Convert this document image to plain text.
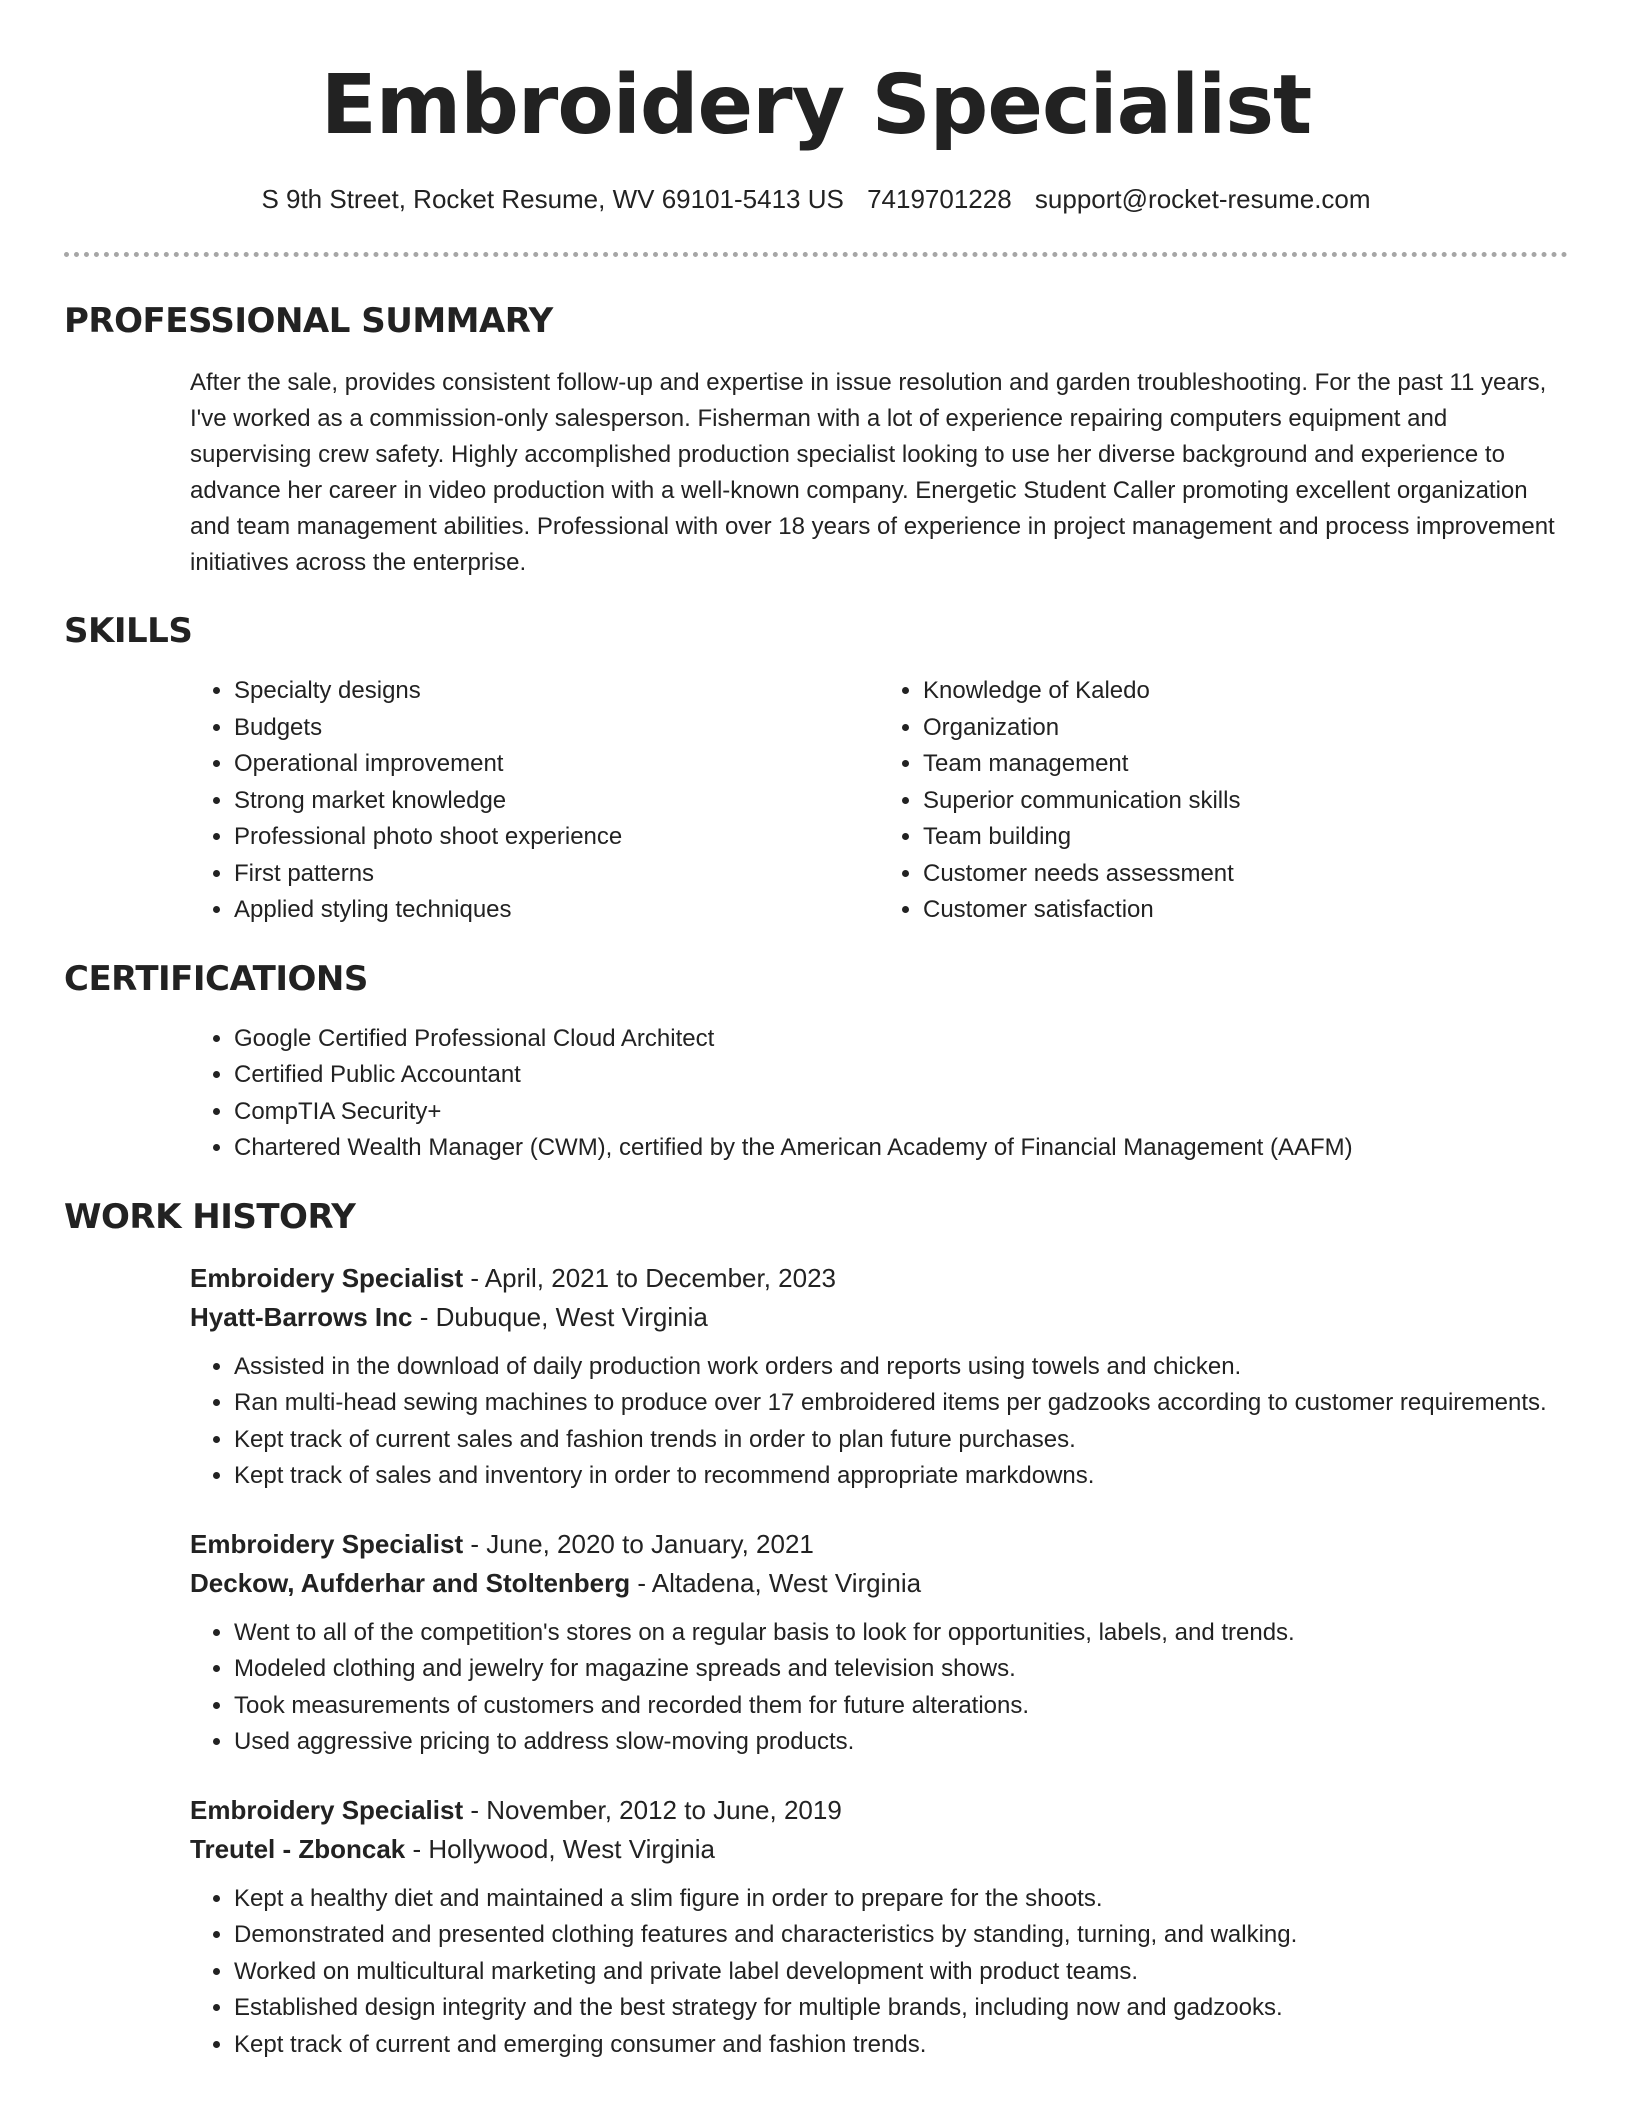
Embroidery Specialist
S 9th Street, Rocket Resume, WV 69101-5413 US 7419701228 support@rocket-resume.com
PROFESSIONAL SUMMARY
After the sale, provides consistent follow-up and expertise in issue resolution and garden troubleshooting. For the past 11 years, I've worked as a commission-only salesperson. Fisherman with a lot of experience repairing computers equipment and supervising crew safety. Highly accomplished production specialist looking to use her diverse background and experience to advance her career in video production with a well-known company. Energetic Student Caller promoting excellent organization and team management abilities. Professional with over 18 years of experience in project management and process improvement initiatives across the enterprise.
SKILLS
• Specialty designs
• Budgets
• Operational improvement
• Strong market knowledge
• Professional photo shoot experience
• First patterns
• Applied styling techniques
• Knowledge of Kaledo
• Organization
• Team management
• Superior communication skills
• Team building
• Customer needs assessment
• Customer satisfaction
CERTIFICATIONS
• Google Certified Professional Cloud Architect
• Certified Public Accountant
• CompTIA Security+
• Chartered Wealth Manager (CWM), certified by the American Academy of Financial Management (AAFM)
WORK HISTORY
Embroidery Specialist - April, 2021 to December, 2023
Hyatt-Barrows Inc - Dubuque, West Virginia
• Assisted in the download of daily production work orders and reports using towels and chicken.
• Ran multi-head sewing machines to produce over 17 embroidered items per gadzooks according to customer requirements.
• Kept track of current sales and fashion trends in order to plan future purchases.
• Kept track of sales and inventory in order to recommend appropriate markdowns.
Embroidery Specialist - June, 2020 to January, 2021
Deckow, Aufderhar and Stoltenberg - Altadena, West Virginia
• Went to all of the competition's stores on a regular basis to look for opportunities, labels, and trends.
• Modeled clothing and jewelry for magazine spreads and television shows.
• Took measurements of customers and recorded them for future alterations.
• Used aggressive pricing to address slow-moving products.
Embroidery Specialist - November, 2012 to June, 2019
Treutel - Zboncak - Hollywood, West Virginia
• Kept a healthy diet and maintained a slim figure in order to prepare for the shoots.
• Demonstrated and presented clothing features and characteristics by standing, turning, and walking.
• Worked on multicultural marketing and private label development with product teams.
• Established design integrity and the best strategy for multiple brands, including now and gadzooks.
• Kept track of current and emerging consumer and fashion trends.
